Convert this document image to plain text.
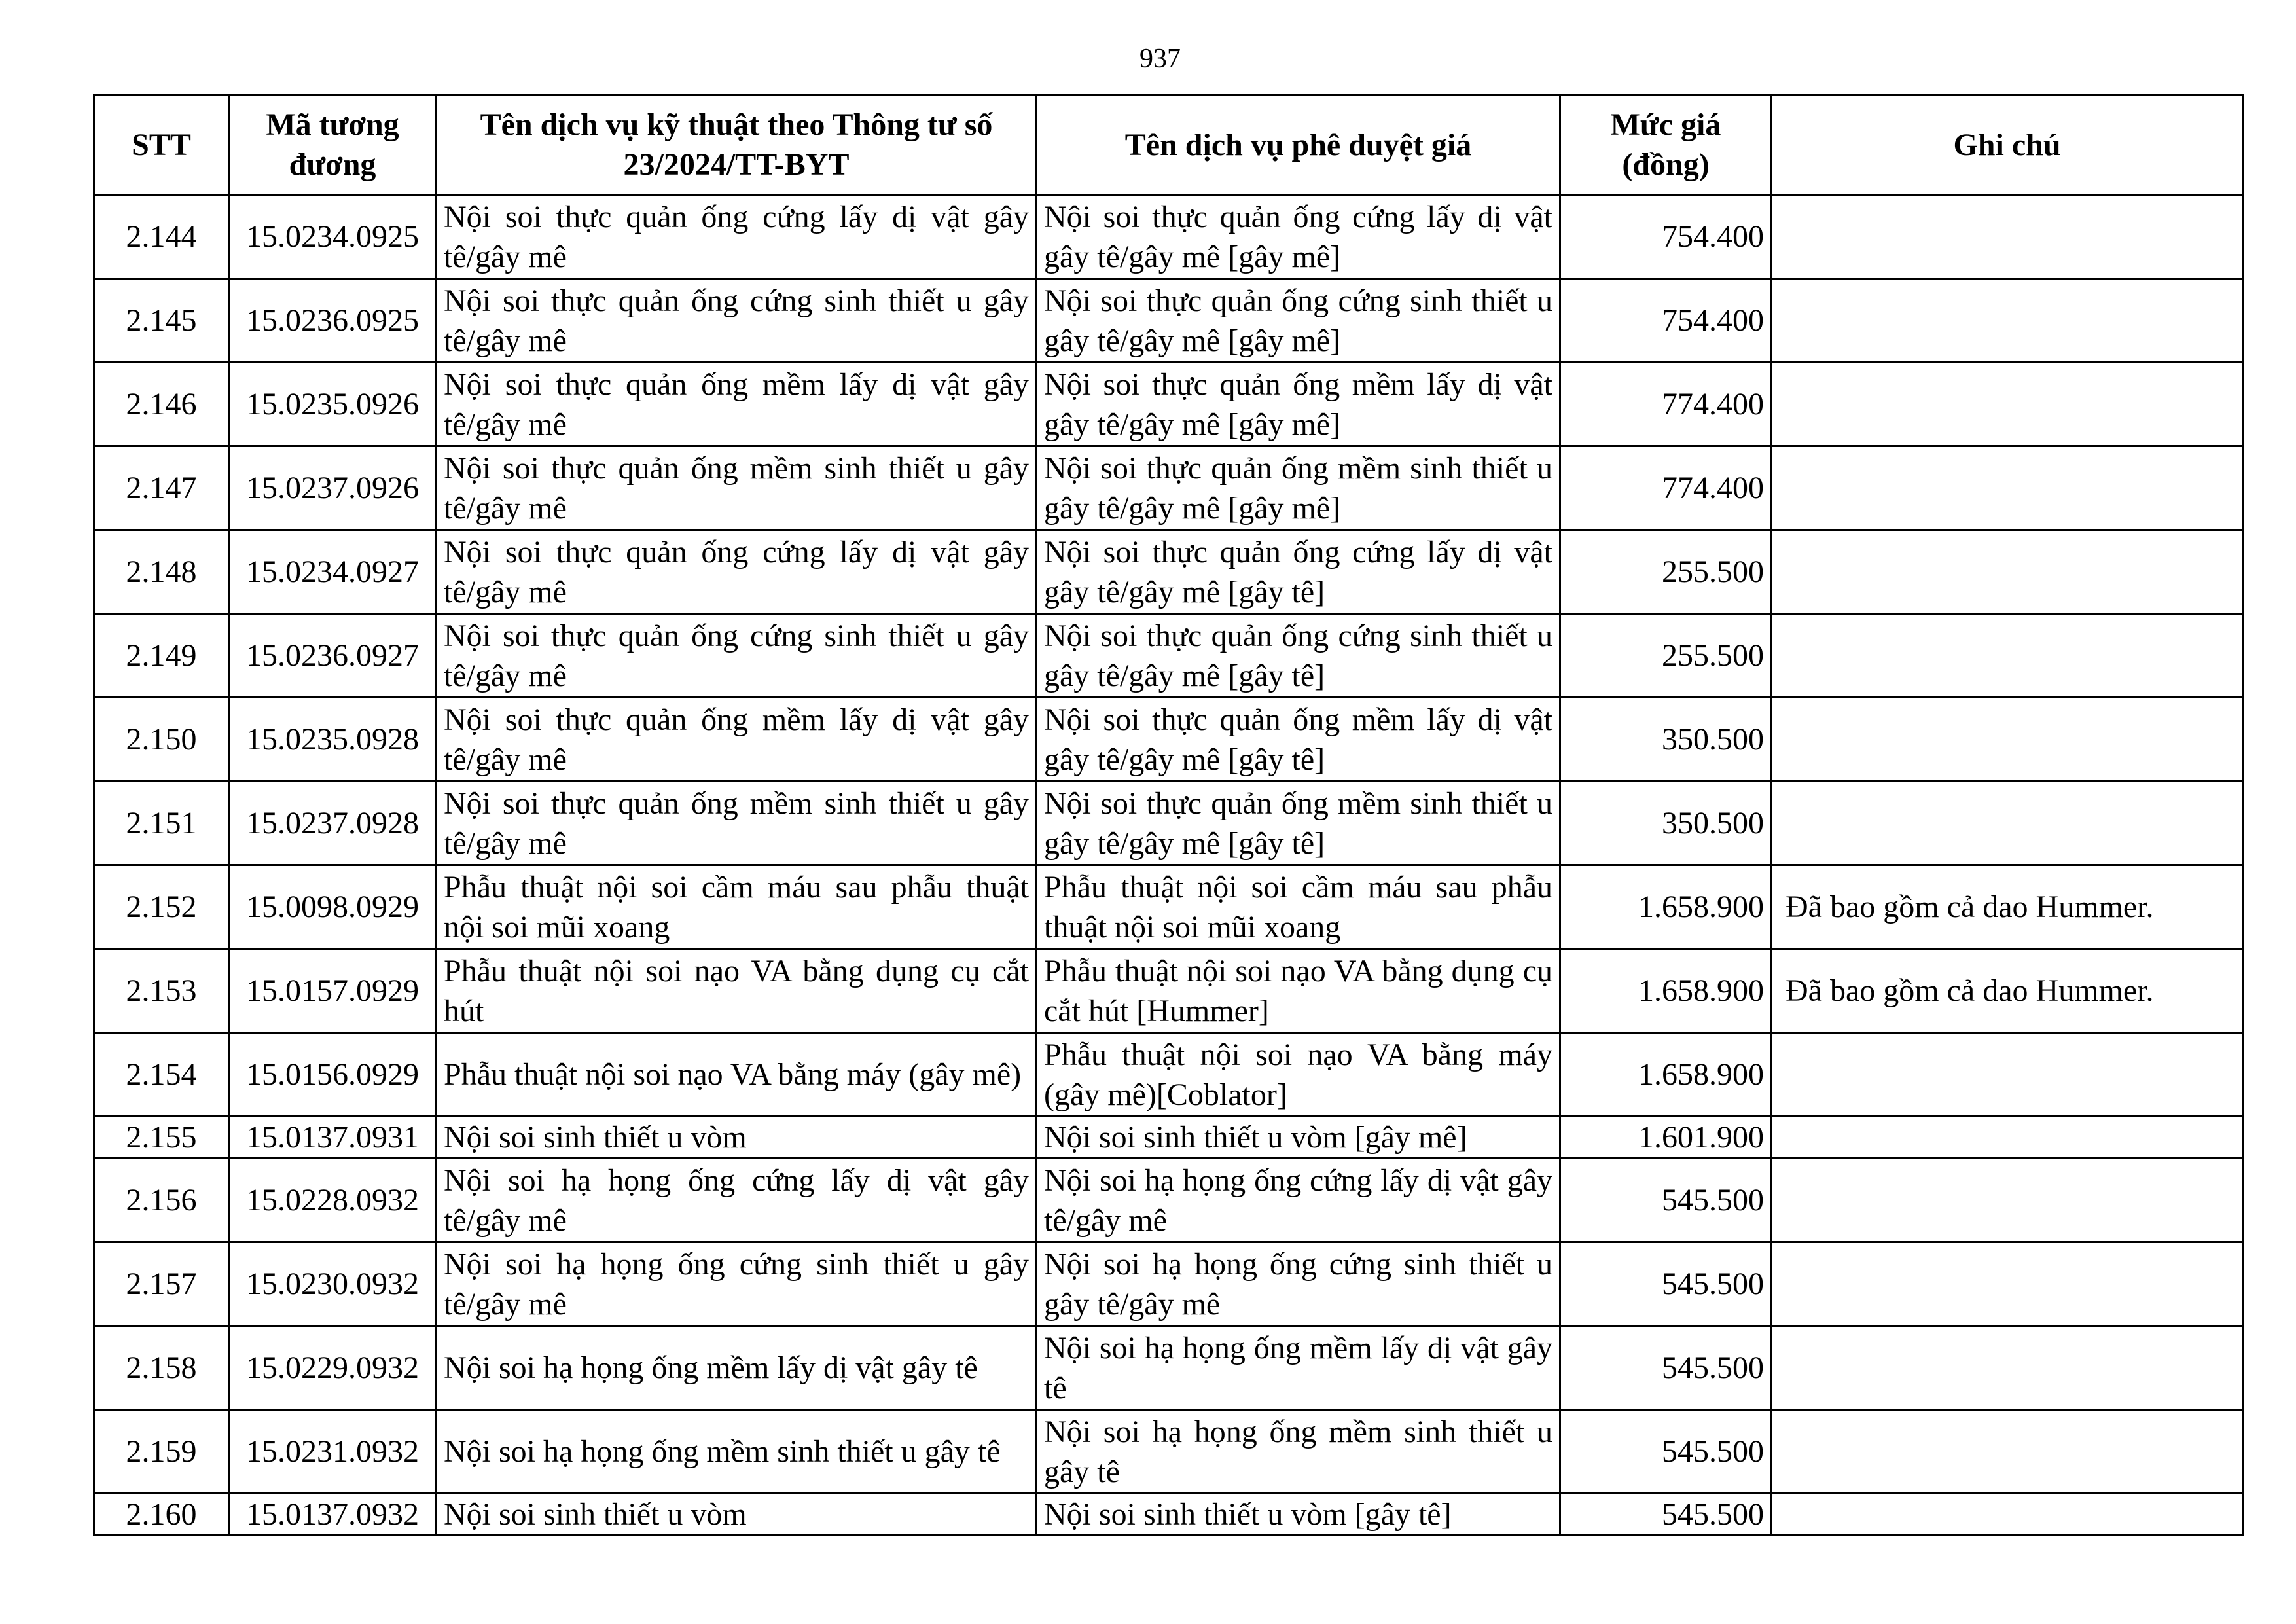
937
STT	Mã tương đương	Tên dịch vụ kỹ thuật theo Thông tư số 23/2024/TT-BYT	Tên dịch vụ phê duyệt giá	Mức giá (đồng)	Ghi chú
2.144	15.0234.0925	Nội soi thực quản ống cứng lấy dị vật gây tê/gây mê	Nội soi thực quản ống cứng lấy dị vật gây tê/gây mê [gây mê]	754.400	
2.145	15.0236.0925	Nội soi thực quản ống cứng sinh thiết u gây tê/gây mê	Nội soi thực quản ống cứng sinh thiết u gây tê/gây mê [gây mê]	754.400	
2.146	15.0235.0926	Nội soi thực quản ống mềm lấy dị vật gây tê/gây mê	Nội soi thực quản ống mềm lấy dị vật gây tê/gây mê [gây mê]	774.400	
2.147	15.0237.0926	Nội soi thực quản ống mềm sinh thiết u gây tê/gây mê	Nội soi thực quản ống mềm sinh thiết u gây tê/gây mê [gây mê]	774.400	
2.148	15.0234.0927	Nội soi thực quản ống cứng lấy dị vật gây tê/gây mê	Nội soi thực quản ống cứng lấy dị vật gây tê/gây mê [gây tê]	255.500	
2.149	15.0236.0927	Nội soi thực quản ống cứng sinh thiết u gây tê/gây mê	Nội soi thực quản ống cứng sinh thiết u gây tê/gây mê [gây tê]	255.500	
2.150	15.0235.0928	Nội soi thực quản ống mềm lấy dị vật gây tê/gây mê	Nội soi thực quản ống mềm lấy dị vật gây tê/gây mê [gây tê]	350.500	
2.151	15.0237.0928	Nội soi thực quản ống mềm sinh thiết u gây tê/gây mê	Nội soi thực quản ống mềm sinh thiết u gây tê/gây mê [gây tê]	350.500	
2.152	15.0098.0929	Phẫu thuật nội soi cầm máu sau phẫu thuật nội soi mũi xoang	Phẫu thuật nội soi cầm máu sau phẫu thuật nội soi mũi xoang	1.658.900	Đã bao gồm cả dao Hummer.
2.153	15.0157.0929	Phẫu thuật nội soi nạo VA bằng dụng cụ cắt hút	Phẫu thuật nội soi nạo VA bằng dụng cụ cắt hút [Hummer]	1.658.900	Đã bao gồm cả dao Hummer.
2.154	15.0156.0929	Phẫu thuật nội soi nạo VA bằng máy (gây mê)	Phẫu thuật nội soi nạo VA bằng máy (gây mê)[Coblator]	1.658.900	
2.155	15.0137.0931	Nội soi sinh thiết u vòm	Nội soi sinh thiết u vòm [gây mê]	1.601.900	
2.156	15.0228.0932	Nội soi hạ họng ống cứng lấy dị vật gây tê/gây mê	Nội soi hạ họng ống cứng lấy dị vật gây tê/gây mê	545.500	
2.157	15.0230.0932	Nội soi hạ họng ống cứng sinh thiết u gây tê/gây mê	Nội soi hạ họng ống cứng sinh thiết u gây tê/gây mê	545.500	
2.158	15.0229.0932	Nội soi hạ họng ống mềm lấy dị vật gây tê	Nội soi hạ họng ống mềm lấy dị vật gây tê	545.500	
2.159	15.0231.0932	Nội soi hạ họng ống mềm sinh thiết u gây tê	Nội soi hạ họng ống mềm sinh thiết u gây tê	545.500	
2.160	15.0137.0932	Nội soi sinh thiết u vòm	Nội soi sinh thiết u vòm [gây tê]	545.500	
